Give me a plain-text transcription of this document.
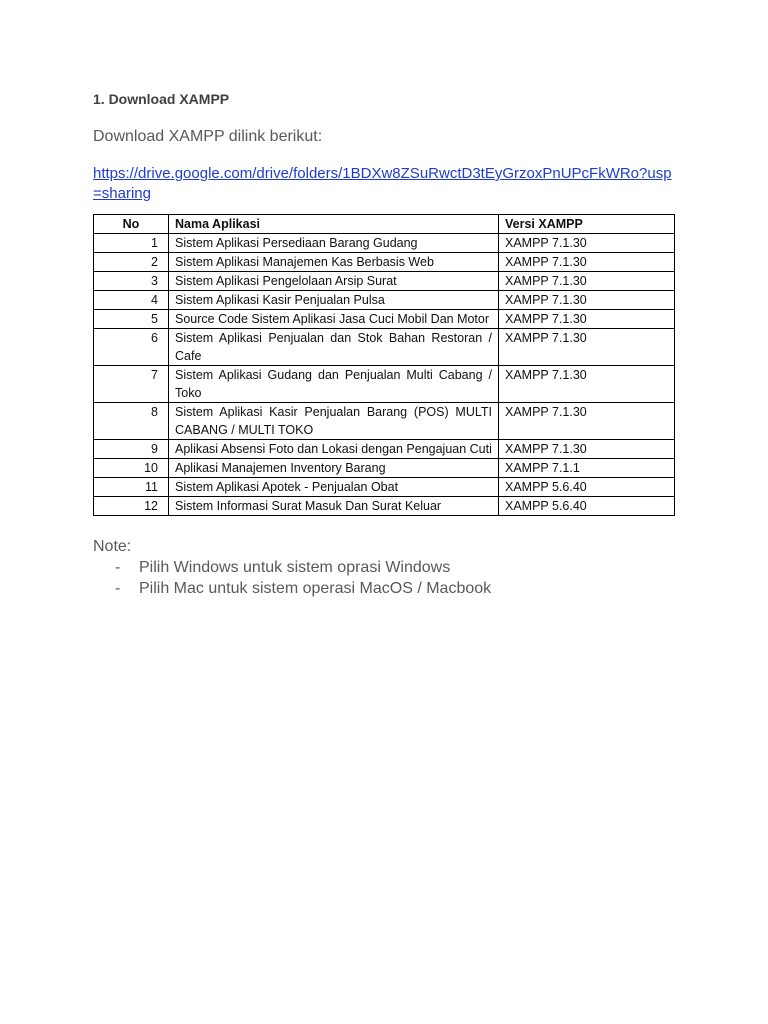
1. Download XAMPP
Download XAMPP dilink berikut:
https://drive.google.com/drive/folders/1BDXw8ZSuRwctD3tEyGrzoxPnUPcFkWRo?usp=sharing
No	Nama Aplikasi	Versi XAMPP
1	Sistem Aplikasi Persediaan Barang Gudang	XAMPP 7.1.30
2	Sistem Aplikasi Manajemen Kas Berbasis Web	XAMPP 7.1.30
3	Sistem Aplikasi Pengelolaan Arsip Surat	XAMPP 7.1.30
4	Sistem Aplikasi Kasir Penjualan Pulsa	XAMPP 7.1.30
5	Source Code Sistem Aplikasi Jasa Cuci Mobil Dan Motor	XAMPP 7.1.30
6	Sistem Aplikasi Penjualan dan Stok Bahan Restoran / Cafe	XAMPP 7.1.30
7	Sistem Aplikasi Gudang dan Penjualan Multi Cabang / Toko	XAMPP 7.1.30
8	Sistem Aplikasi Kasir Penjualan Barang (POS) MULTI CABANG / MULTI TOKO	XAMPP 7.1.30
9	Aplikasi Absensi Foto dan Lokasi dengan Pengajuan Cuti	XAMPP 7.1.30
10	Aplikasi Manajemen Inventory Barang	XAMPP 7.1.1
11	Sistem Aplikasi Apotek - Penjualan Obat	XAMPP 5.6.40
12	Sistem Informasi Surat Masuk Dan Surat Keluar	XAMPP 5.6.40
Note:
- Pilih Windows untuk sistem oprasi Windows
- Pilih Mac untuk sistem operasi MacOS / Macbook
